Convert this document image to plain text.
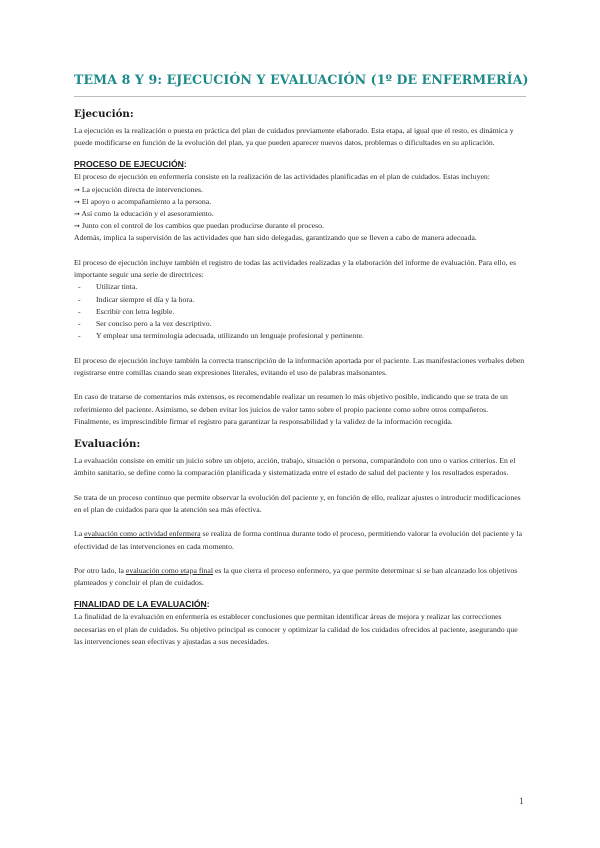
TEMA 8 Y 9: EJECUCIÓN Y EVALUACIÓN (1º DE ENFERMERÍA)
Ejecución:

La ejecución es la realización o puesta en práctica del plan de cuidados previamente elaborado. Esta etapa, al igual que el resto, es dinámica y puede modificarse en función de la evolución del plan, ya que pueden aparecer nuevos datos, problemas o dificultades en su aplicación.

PROCESO DE EJECUCIÓN:

El proceso de ejecución en enfermería consiste en la realización de las actividades planificadas en el plan de cuidados. Estas incluyen:

➞ La ejecución directa de intervenciones.
➞ El apoyo o acompañamiento a la persona.
➞ Así como la educación y el asesoramiento.
➞ Junto con el control de los cambios que puedan producirse durante el proceso.

Además, implica la supervisión de las actividades que han sido delegadas, garantizando que se lleven a cabo de manera adecuada.

El proceso de ejecución incluye también el registro de todas las actividades realizadas y la elaboración del informe de evaluación. Para ello, es importante seguir una serie de directrices:

- Utilizar tinta.
- Indicar siempre el día y la hora.
- Escribir con letra legible.
- Ser conciso pero a la vez descriptivo.
- Y emplear una terminología adecuada, utilizando un lenguaje profesional y pertinente.

El proceso de ejecución incluye también la correcta transcripción de la información aportada por el paciente. Las manifestaciones verbales deben registrarse entre comillas cuando sean expresiones literales, evitando el uso de palabras malsonantes.

En caso de tratarse de comentarios más extensos, es recomendable realizar un resumen lo más objetivo posible, indicando que se trata de un referimiento del paciente. Asimismo, se deben evitar los juicios de valor tanto sobre el propio paciente como sobre otros compañeros. Finalmente, es imprescindible firmar el registro para garantizar la responsabilidad y la validez de la información recogida.

Evaluación:

La evaluación consiste en emitir un juicio sobre un objeto, acción, trabajo, situación o persona, comparándolo con uno o varios criterios. En el ámbito sanitario, se define como la comparación planificada y sistematizada entre el estado de salud del paciente y los resultados esperados.

Se trata de un proceso continuo que permite observar la evolución del paciente y, en función de ello, realizar ajustes o introducir modificaciones en el plan de cuidados para que la atención sea más efectiva.

La evaluación como actividad enfermera se realiza de forma continua durante todo el proceso, permitiendo valorar la evolución del paciente y la efectividad de las intervenciones en cada momento.

Por otro lado, la evaluación como etapa final es la que cierra el proceso enfermero, ya que permite determinar si se han alcanzado los objetivos planteados y concluir el plan de cuidados.

FINALIDAD DE LA EVALUACIÓN:

La finalidad de la evaluación en enfermería es establecer conclusiones que permitan identificar áreas de mejora y realizar las correcciones necesarias en el plan de cuidados. Su objetivo principal es conocer y optimizar la calidad de los cuidados ofrecidos al paciente, asegurando que las intervenciones sean efectivas y ajustadas a sus necesidades.

1
